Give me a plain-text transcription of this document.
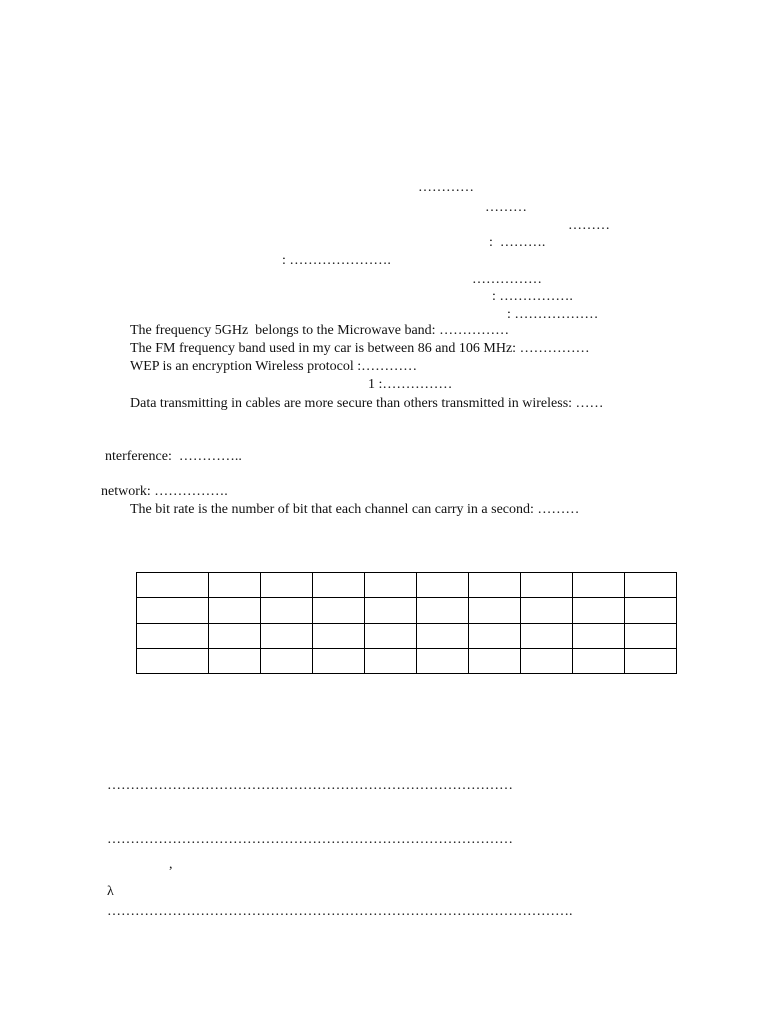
…………
………
………
:  ……….
: ………………….
……………
: …………….
: ………………
The frequency 5GHz  belongs to the Microwave band: ……………
The FM frequency band used in my car is between 86 and 106 MHz: ……………
WEP is an encryption Wireless protocol :…………
1 :……………
Data transmitting in cables are more secure than others transmitted in wireless: ……
nterference:  …………..
network: …………….
The bit rate is the number of bit that each channel can carry in a second: ………

……………………………………………………………………………
……………………………………………………………………………
,
λ
……………………………………………………………………………………….
